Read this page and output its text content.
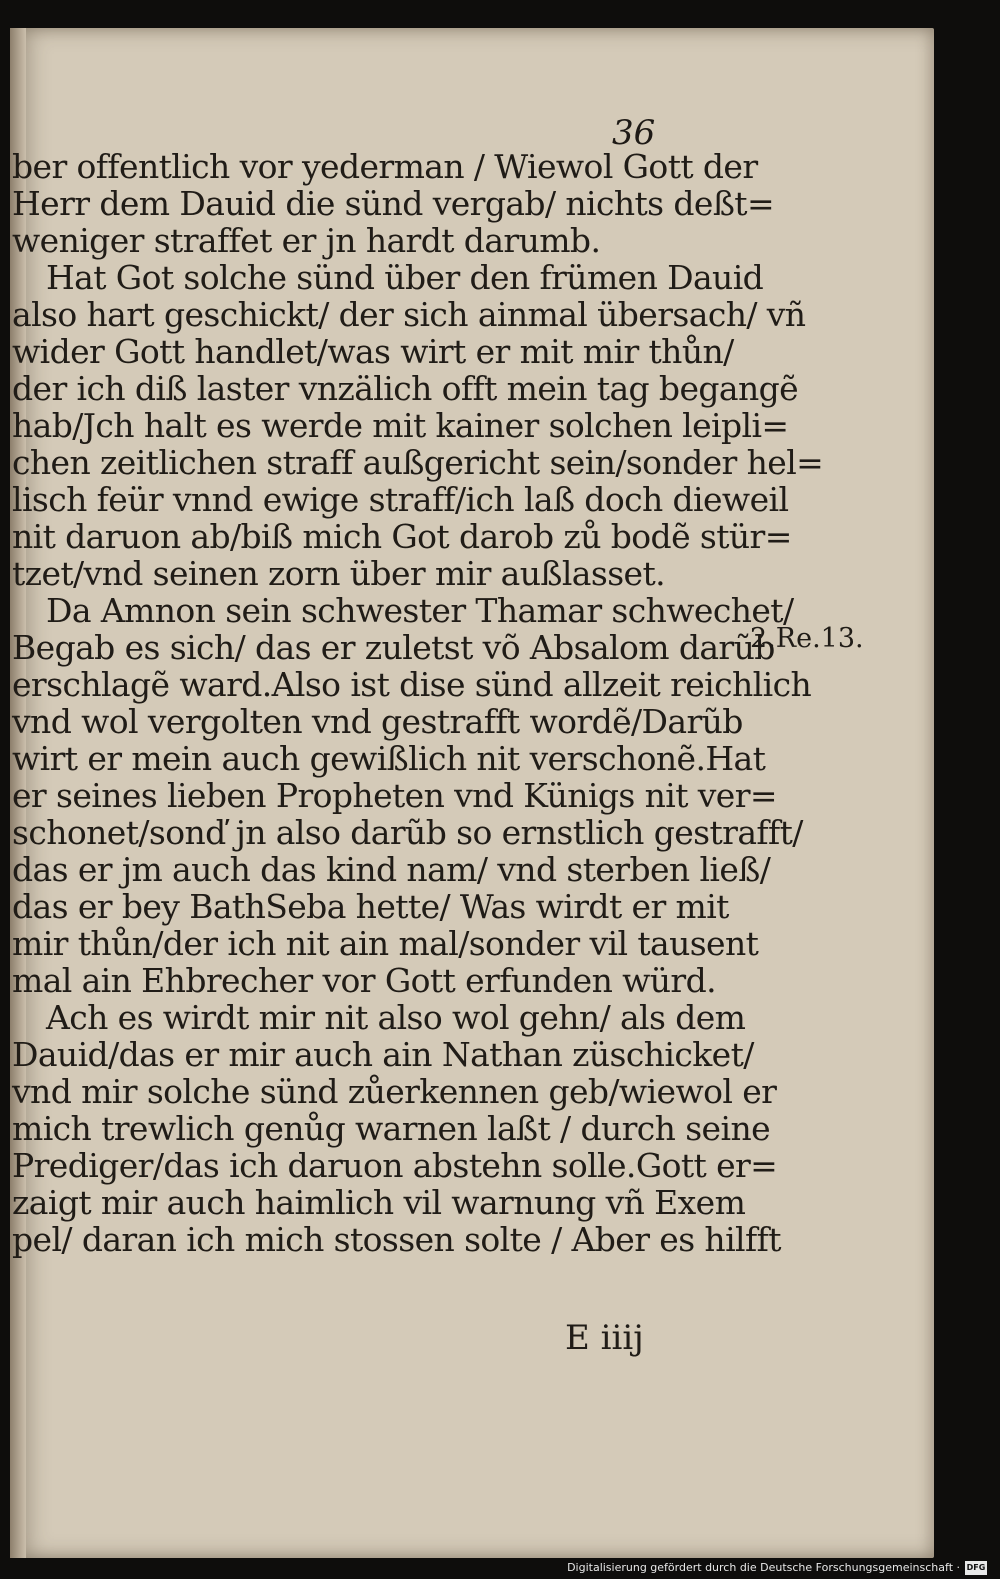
36
ber offentlich vor yederman / Wiewol Gott der
Herr dem Dauid die sünd vergab/ nichts deßt=
weniger straffet er jn hardt darumb.
Hat Got solche sünd über den frümen Dauid
also hart geschickt/ der sich ainmal übersach/ vñ
wider Gott handlet/was wirt er mit mir thůn/
der ich diß laster vnzälich offt mein tag begangẽ
hab/Jch halt es werde mit kainer solchen leipli=
chen zeitlichen straff außgericht sein/sonder hel=
lisch feür vnnd ewige straff/ich laß doch dieweil
nit daruon ab/biß mich Got darob zů bodẽ stür=
tzet/vnd seinen zorn über mir außlasset.
Da Amnon sein schwester Thamar schwechet/
Begab es sich/ das er zuletst võ Absalom darũb
erschlagẽ ward.Also ist dise sünd allzeit reichlich
vnd wol vergolten vnd gestrafft wordẽ/Darũb
wirt er mein auch gewißlich nit verschonẽ.Hat
er seines lieben Propheten vnd Künigs nit ver=
schonet/sonď jn also darũb so ernstlich gestrafft/
das er jm auch das kind nam/ vnd sterben ließ/
das er bey BathSeba hette/ Was wirdt er mit
mir thůn/der ich nit ain mal/sonder vil tausent
mal ain Ehbrecher vor Gott erfunden würd.
Ach es wirdt mir nit also wol gehn/ als dem
Dauid/das er mir auch ain Nathan züschicket/
vnd mir solche sünd zůerkennen geb/wiewol er
mich trewlich genůg warnen laßt / durch seine
Prediger/das ich daruon abstehn solle.Gott er=
zaigt mir auch haimlich vil warnung vñ Exem
pel/ daran ich mich stossen solte / Aber es hilfft
2.Re.13.
E iiij
Digitalisierung gefördert durch die Deutsche Forschungsgemeinschaft · DFG
